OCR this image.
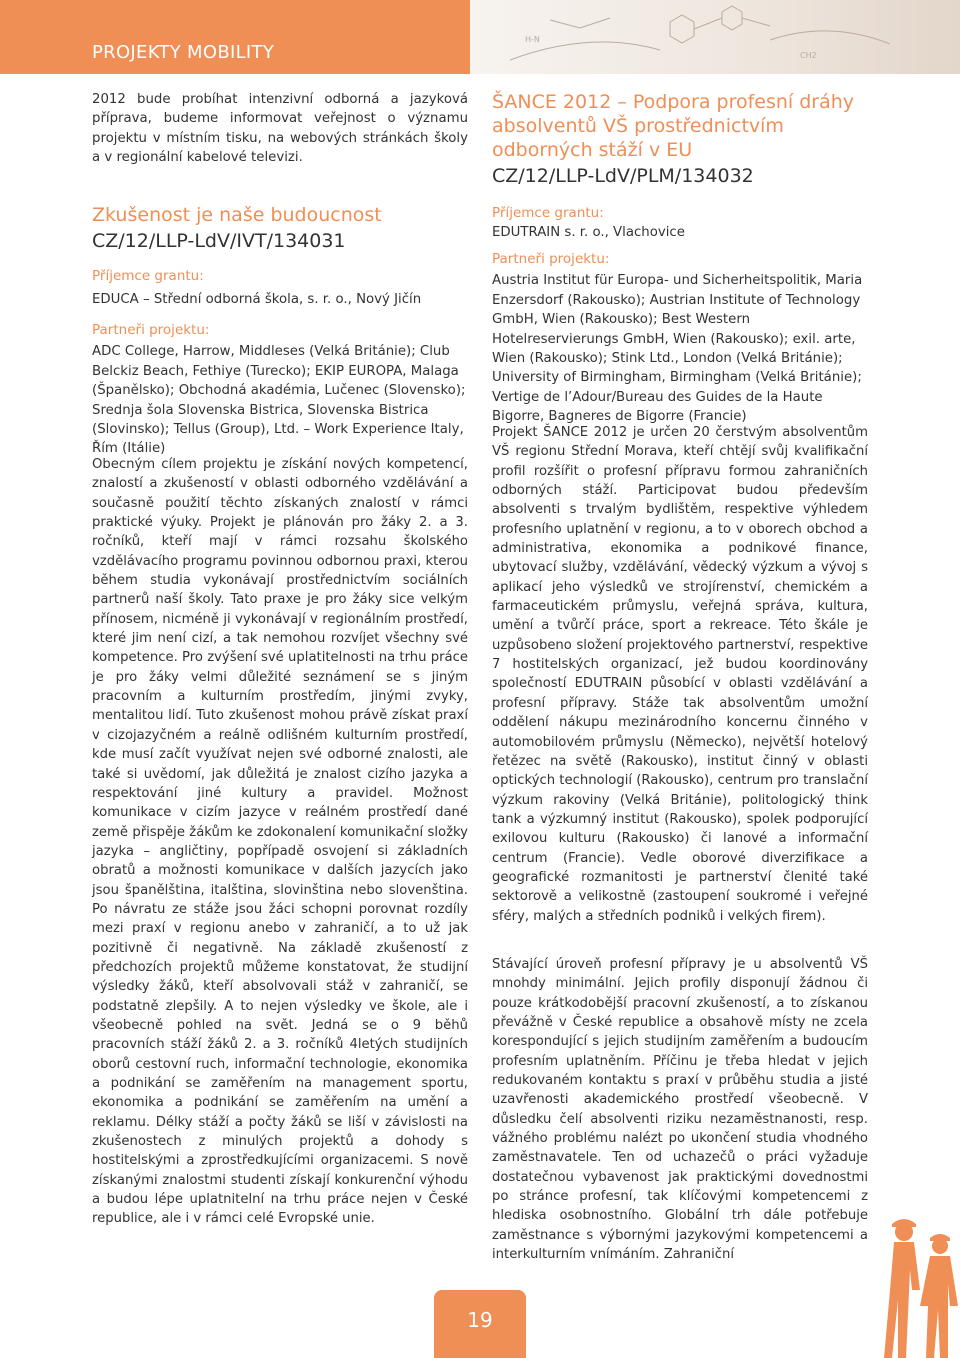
PROJEKTY MOBILITY
H-N
CH2

2012 bude probíhat intenzivní odborná a jazyková příprava, budeme informovat veřejnost o významu projektu v místním tisku, na webových stránkách školy a v regionální kabelové televizi.

Zkušenost je naše budoucnost
CZ/12/LLP-LdV/IVT/134031
Příjemce grantu:
EDUCA – Střední odborná škola, s. r. o., Nový Jičín
Partneři projektu:
ADC College, Harrow, Middleses (Velká Británie); Club Belckiz Beach, Fethiye (Turecko); EKIP EUROPA, Malaga (Španělsko); Obchodná akadémia, Lučenec (Slovensko); Srednja šola Slovenska Bistrica, Slovenska Bistrica (Slovinsko); Tellus (Group), Ltd. – Work Experience Italy, Řím (Itálie)

Obecným cílem projektu je získání nových kompetencí, znalostí a zkušeností v oblasti odborného vzdělávání a současně použití těchto získaných znalostí v rámci praktické výuky. Projekt je plánován pro žáky 2. a 3. ročníků, kteří mají v rámci rozsahu školského vzdělávacího programu povinnou odbornou praxi, kterou během studia vykonávají prostřednictvím sociálních partnerů naší školy. Tato praxe je pro žáky sice velkým přínosem, nicméně ji vykonávají v regionálním prostředí, které jim není cizí, a tak nemohou rozvíjet všechny své kompetence. Pro zvýšení své uplatitelnosti na trhu práce je pro žáky velmi důležité seznámení se s jiným pracovním a kulturním prostředím, jinými zvyky, mentalitou lidí. Tuto zkušenost mohou právě získat praxí v cizojazyčném a reálně odlišném kulturním prostředí, kde musí začít využívat nejen své odborné znalosti, ale také si uvědomí, jak důležitá je znalost cizího jazyka a respektování jiné kultury a pravidel. Možnost komunikace v cizím jazyce v reálném prostředí dané země přispěje žákům ke zdokonalení komunikační složky jazyka – angličtiny, popřípadě osvojení si základních obratů a možnosti komunikace v dalších jazycích jako jsou španělština, italština, slovinština nebo slovenština. Po návratu ze stáže jsou žáci schopni porovnat rozdíly mezi praxí v regionu anebo v zahraničí, a to už jak pozitivně či negativně. Na základě zkušeností z předchozích projektů můžeme konstatovat, že studijní výsledky žáků, kteří absolvovali stáž v zahraničí, se podstatně zlepšily. A to nejen výsledky ve škole, ale i všeobecně pohled na svět. Jedná se o 9 běhů pracovních stáží žáků 2. a 3. ročníků 4letých studijních oborů cestovní ruch, informační technologie, ekonomika a podnikání se zaměřením na management sportu, ekonomika a podnikání se zaměřením na umění a reklamu. Délky stáží a počty žáků se liší v závislosti na zkušenostech z minulých projektů a dohody s hostitelskými a zprostředkujícími organizacemi. S nově získanými znalostmi studenti získají konkurenční výhodu a budou lépe uplatnitelní na trhu práce nejen v České republice, ale i v rámci celé Evropské unie.

ŠANCE 2012 – Podpora profesní dráhy absolventů VŠ prostřednictvím odborných stáží v EU
CZ/12/LLP-LdV/PLM/134032
Příjemce grantu:
EDUTRAIN s. r. o., Vlachovice
Partneři projektu:
Austria Institut für Europa- und Sicherheitspolitik, Maria Enzersdorf (Rakousko); Austrian Institute of Technology GmbH, Wien (Rakousko); Best Western Hotelreservierungs GmbH, Wien (Rakousko); exil. arte, Wien (Rakousko); Stink Ltd., London (Velká Británie); University of Birmingham, Birmingham (Velká Británie); Vertige de l’Adour/Bureau des Guides de la Haute Bigorre, Bagneres de Bigorre (Francie)

Projekt ŠANCE 2012 je určen 20 čerstvým absolventům VŠ regionu Střední Morava, kteří chtějí svůj kvalifikační profil rozšířit o profesní přípravu formou zahraničních odborných stáží. Participovat budou především absolventi s trvalým bydlištěm, respektive výhledem profesního uplatnění v regionu, a to v oborech obchod a administrativa, ekonomika a podnikové finance, ubytovací služby, vzdělávání, vědecký výzkum a vývoj s aplikací jeho výsledků ve strojírenství, chemickém a farmaceutickém průmyslu, veřejná správa, kultura, umění a tvůrčí práce, sport a rekreace. Této škále je uzpůsobeno složení projektového partnerství, respektive 7 hostitelských organizací, jež budou koordinovány společností EDUTRAIN působící v oblasti vzdělávání a profesní přípravy. Stáže tak absolventům umožní oddělení nákupu mezinárodního koncernu činného v automobilovém průmyslu (Německo), největší hotelový řetězec na světě (Rakousko), institut činný v oblasti optických technologií (Rakousko), centrum pro translační výzkum rakoviny (Velká Británie), politologický think tank a výzkumný institut (Rakousko), spolek podporující exilovou kulturu (Rakousko) či lanové a informační centrum (Francie). Vedle oborové diverzifikace a geografické rozmanitosti je partnerství členité také sektorově a velikostně (zastoupení soukromé i veřejné sféry, malých a středních podniků i velkých firem).

Stávající úroveň profesní přípravy je u absolventů VŠ mnohdy minimální. Jejich profily disponují žádnou či pouze krátkodobější pracovní zkušeností, a to získanou převážně v České republice a obsahově místy ne zcela korespondující s jejich studijním zaměřením a budoucím profesním uplatněním. Příčinu je třeba hledat v jejich redukovaném kontaktu s praxí v průběhu studia a jisté uzavřenosti akademického prostředí všeobecně. V důsledku čelí absolventi riziku nezaměstnanosti, resp. vážného problému nalézt po ukončení studia vhodného zaměstnavatele. Ten od uchazečů o práci vyžaduje dostatečnou vybavenost jak praktickými dovednostmi po stránce profesní, tak klíčovými kompetencemi z hlediska osobnostního. Globální trh dále potřebuje zaměstnance s výbornými jazykovými kompetencemi a interkulturním vnímáním. Zahraniční

19
